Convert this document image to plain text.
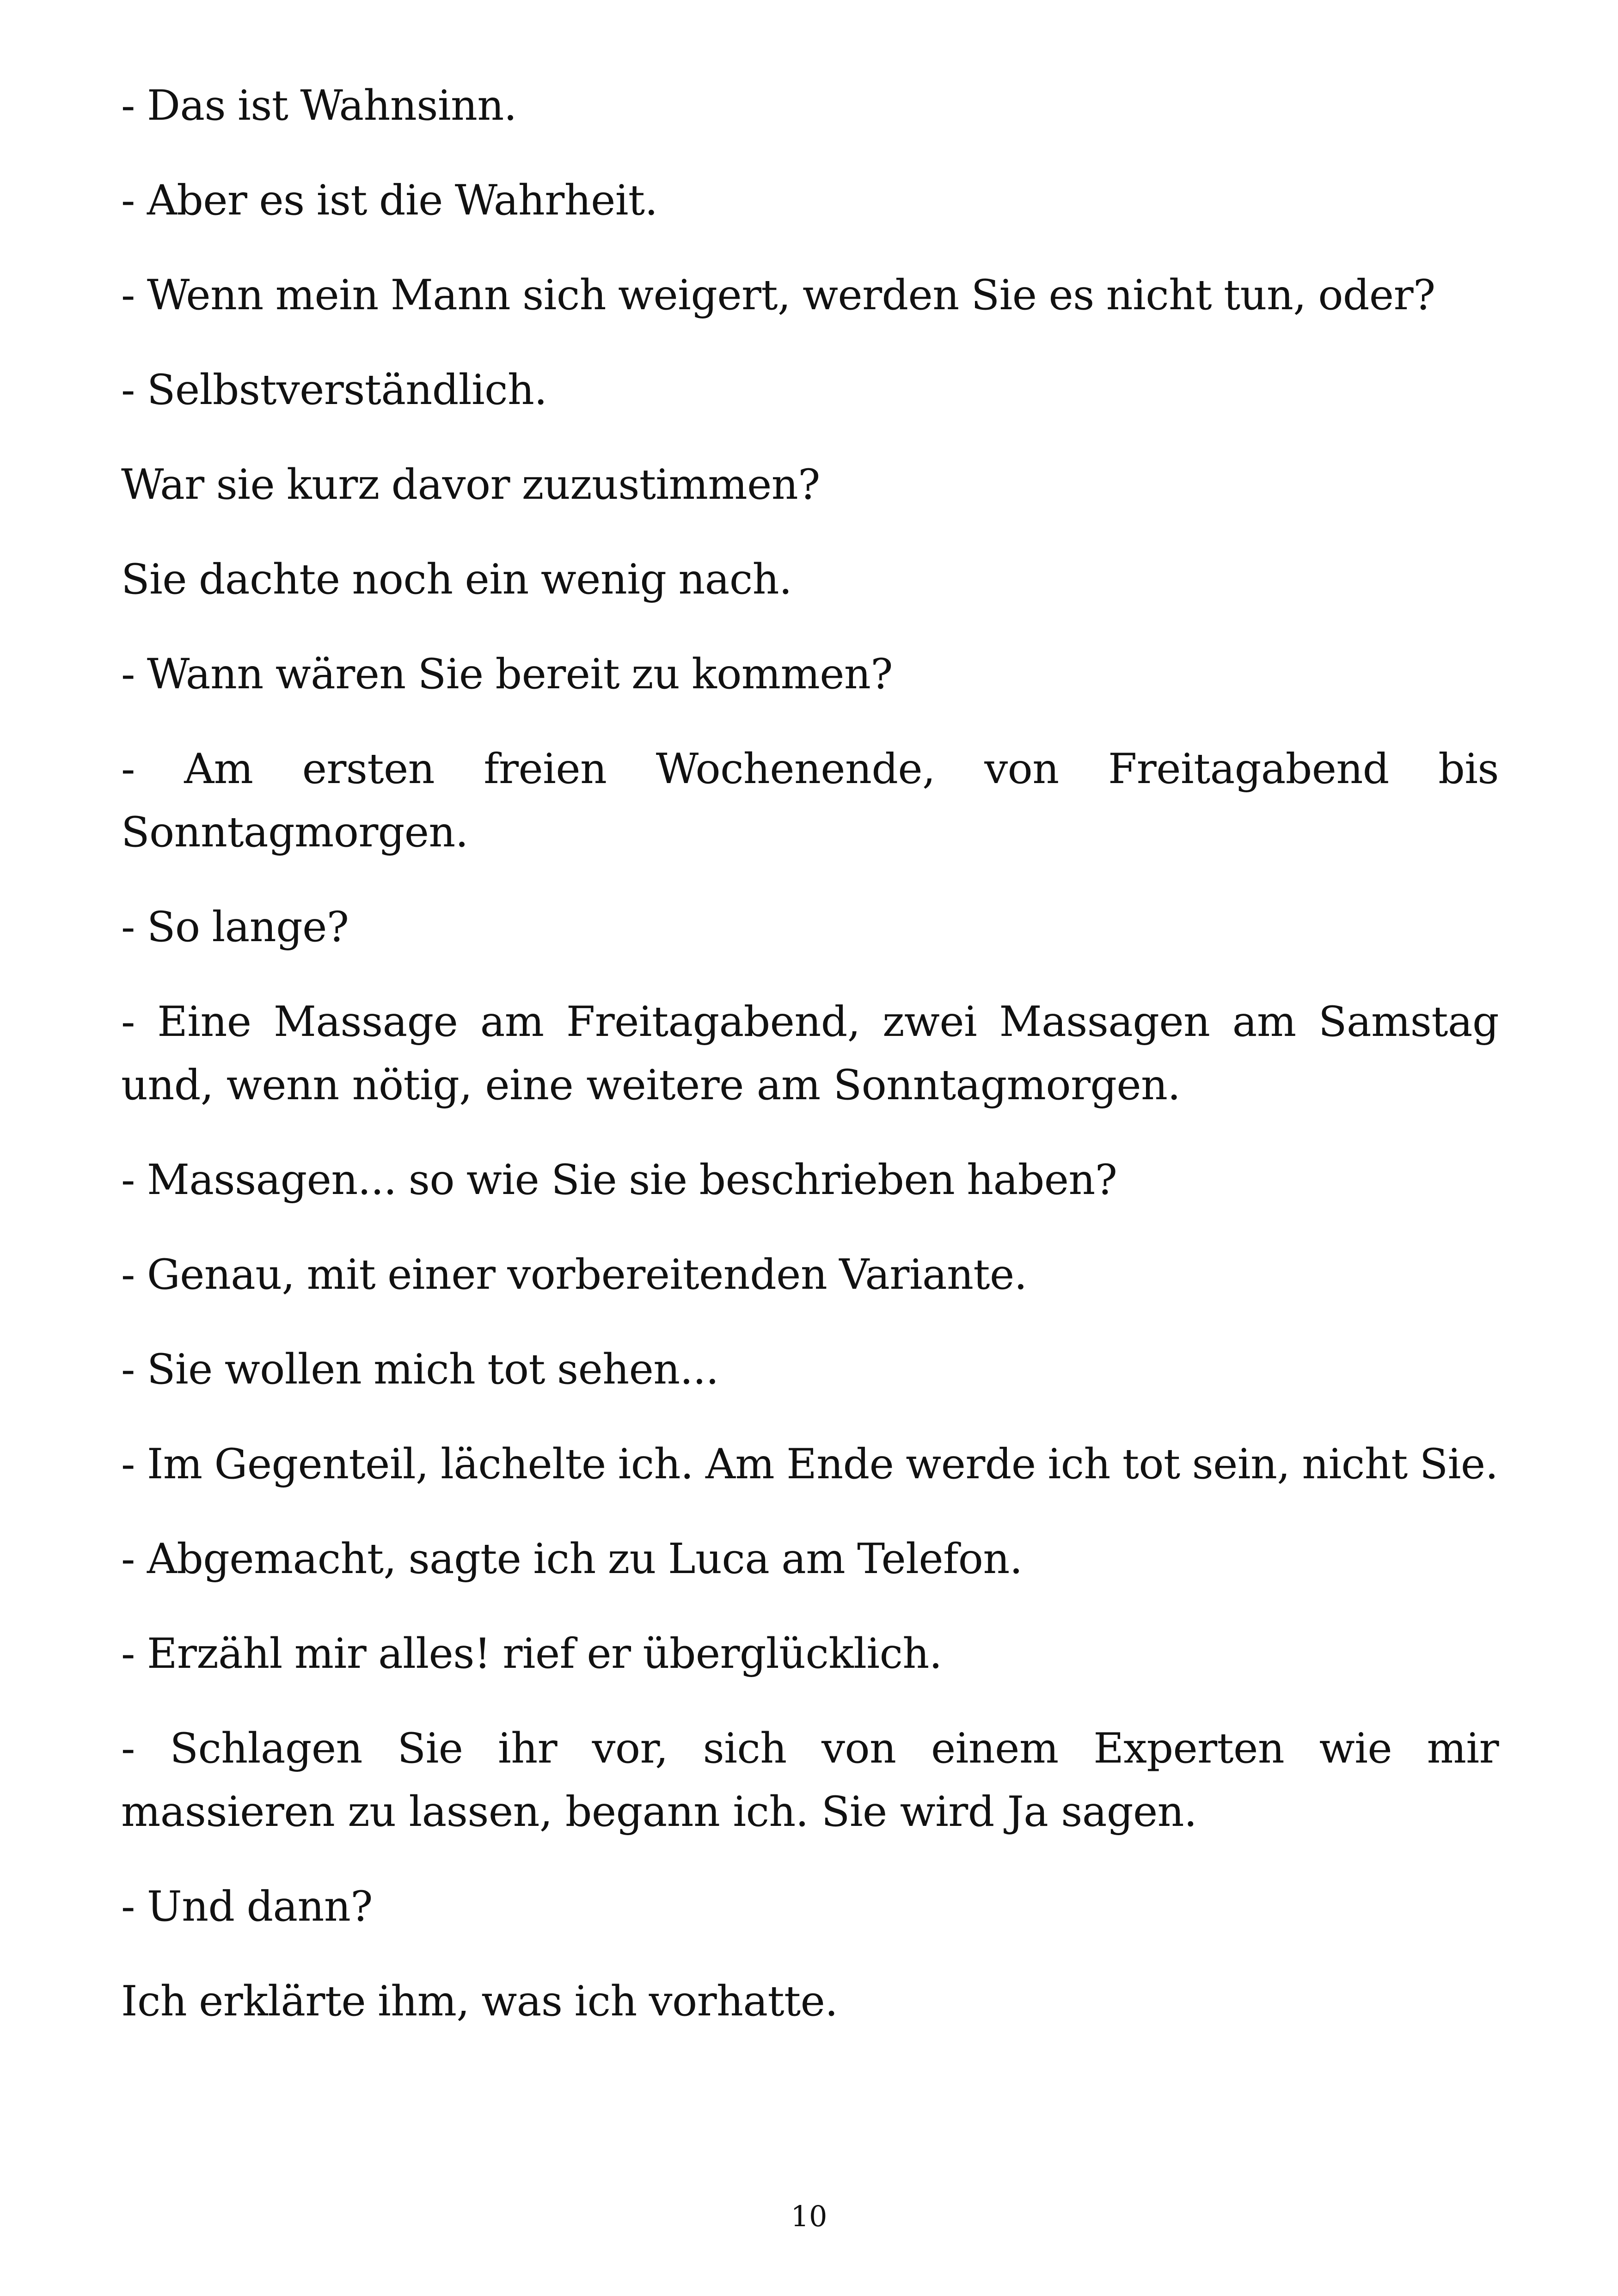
- Das ist Wahnsinn.

- Aber es ist die Wahrheit.

- Wenn mein Mann sich weigert, werden Sie es nicht tun, oder?

- Selbstverständlich.

War sie kurz davor zuzustimmen?

Sie dachte noch ein wenig nach.

- Wann wären Sie bereit zu kommen?

- Am ersten freien Wochenende, von Freitagabend bis Sonntagmorgen.

- So lange?

- Eine Massage am Freitagabend, zwei Massagen am Samstag und, wenn nötig, eine weitere am Sonntagmorgen.

- Massagen... so wie Sie sie beschrieben haben?

- Genau, mit einer vorbereitenden Variante.

- Sie wollen mich tot sehen...

- Im Gegenteil, lächelte ich. Am Ende werde ich tot sein, nicht Sie.

- Abgemacht, sagte ich zu Luca am Telefon.

- Erzähl mir alles! rief er überglücklich.

- Schlagen Sie ihr vor, sich von einem Experten wie mir massieren zu lassen, begann ich. Sie wird Ja sagen.

- Und dann?

Ich erklärte ihm, was ich vorhatte.

10
